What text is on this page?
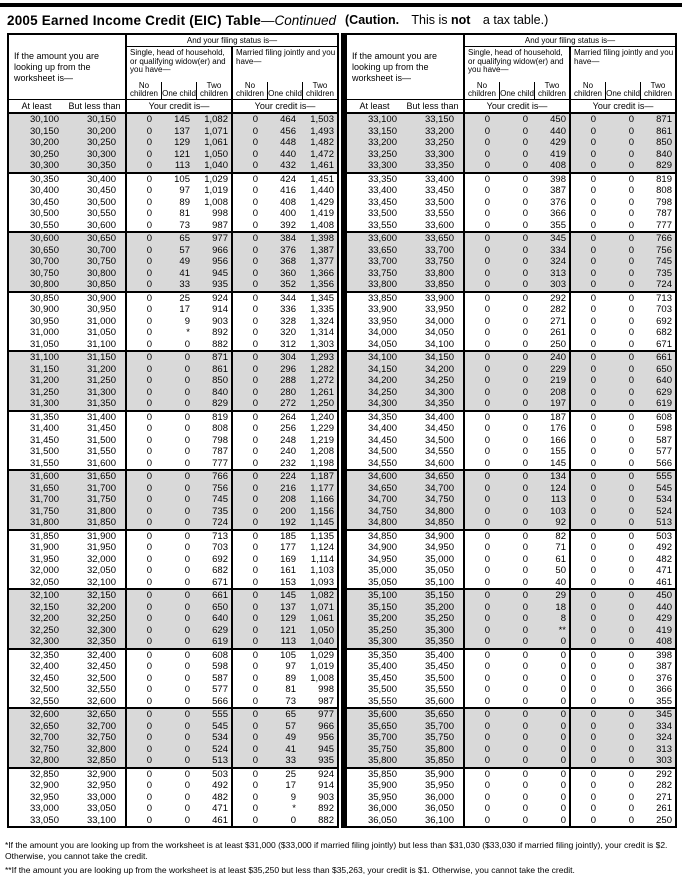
2005 Earned Income Credit (EIC) Table—Continued (Caution. This is not a tax table.)
If the amount you are looking up from the worksheet is—
And your filing status is—
Single, head of household, or qualifying widow(er) and you have—
No children One child
Two children
Married filing jointly and you have—
No children One child
Two children
At least	But less than	Your credit is—	Your credit is—
30,100	30,150	0	145	1,082	0	464	1,503
30,150	30,200	0	137	1,071	0	456	1,493
30,200	30,250	0	129	1,061	0	448	1,482
30,250	30,300	0	121	1,050	0	440	1,472
30,300	30,350	0	113	1,040	0	432	1,461
30,350	30,400	0	105	1,029	0	424	1,451
30,400	30,450	0	97	1,019	0	416	1,440
30,450	30,500	0	89	1,008	0	408	1,429
30,500	30,550	0	81	998	0	400	1,419
30,550	30,600	0	73	987	0	392	1,408
30,600	30,650	0	65	977	0	384	1,398
30,650	30,700	0	57	966	0	376	1,387
30,700	30,750	0	49	956	0	368	1,377
30,750	30,800	0	41	945	0	360	1,366
30,800	30,850	0	33	935	0	352	1,356
30,850	30,900	0	25	924	0	344	1,345
30,900	30,950	0	17	914	0	336	1,335
30,950	31,000	0	9	903	0	328	1,324
31,000	31,050	0	*	892	0	320	1,314
31,050	31,100	0	0	882	0	312	1,303
31,100	31,150	0	0	871	0	304	1,293
31,150	31,200	0	0	861	0	296	1,282
31,200	31,250	0	0	850	0	288	1,272
31,250	31,300	0	0	840	0	280	1,261
31,300	31,350	0	0	829	0	272	1,250
31,350	31,400	0	0	819	0	264	1,240
31,400	31,450	0	0	808	0	256	1,229
31,450	31,500	0	0	798	0	248	1,219
31,500	31,550	0	0	787	0	240	1,208
31,550	31,600	0	0	777	0	232	1,198
31,600	31,650	0	0	766	0	224	1,187
31,650	31,700	0	0	756	0	216	1,177
31,700	31,750	0	0	745	0	208	1,166
31,750	31,800	0	0	735	0	200	1,156
31,800	31,850	0	0	724	0	192	1,145
31,850	31,900	0	0	713	0	185	1,135
31,900	31,950	0	0	703	0	177	1,124
31,950	32,000	0	0	692	0	169	1,114
32,000	32,050	0	0	682	0	161	1,103
32,050	32,100	0	0	671	0	153	1,093
32,100	32,150	0	0	661	0	145	1,082
32,150	32,200	0	0	650	0	137	1,071
32,200	32,250	0	0	640	0	129	1,061
32,250	32,300	0	0	629	0	121	1,050
32,300	32,350	0	0	619	0	113	1,040
32,350	32,400	0	0	608	0	105	1,029
32,400	32,450	0	0	598	0	97	1,019
32,450	32,500	0	0	587	0	89	1,008
32,500	32,550	0	0	577	0	81	998
32,550	32,600	0	0	566	0	73	987
32,600	32,650	0	0	555	0	65	977
32,650	32,700	0	0	545	0	57	966
32,700	32,750	0	0	534	0	49	956
32,750	32,800	0	0	524	0	41	945
32,800	32,850	0	0	513	0	33	935
32,850	32,900	0	0	503	0	25	924
32,900	32,950	0	0	492	0	17	914
32,950	33,000	0	0	482	0	9	903
33,000	33,050	0	0	471	0	*	892
33,050	33,100	0	0	461	0	0	882
If the amount you are looking up from the worksheet is—
And your filing status is—
Single, head of household, or qualifying widow(er) and you have—
No children One child
Two children
Married filing jointly and you have—
No children One child
Two children
At least	But less than	Your credit is—	Your credit is—
33,100	33,150	0	0	450	0	0	871
33,150	33,200	0	0	440	0	0	861
33,200	33,250	0	0	429	0	0	850
33,250	33,300	0	0	419	0	0	840
33,300	33,350	0	0	408	0	0	829
33,350	33,400	0	0	398	0	0	819
33,400	33,450	0	0	387	0	0	808
33,450	33,500	0	0	376	0	0	798
33,500	33,550	0	0	366	0	0	787
33,550	33,600	0	0	355	0	0	777
33,600	33,650	0	0	345	0	0	766
33,650	33,700	0	0	334	0	0	756
33,700	33,750	0	0	324	0	0	745
33,750	33,800	0	0	313	0	0	735
33,800	33,850	0	0	303	0	0	724
33,850	33,900	0	0	292	0	0	713
33,900	33,950	0	0	282	0	0	703
33,950	34,000	0	0	271	0	0	692
34,000	34,050	0	0	261	0	0	682
34,050	34,100	0	0	250	0	0	671
34,100	34,150	0	0	240	0	0	661
34,150	34,200	0	0	229	0	0	650
34,200	34,250	0	0	219	0	0	640
34,250	34,300	0	0	208	0	0	629
34,300	34,350	0	0	197	0	0	619
34,350	34,400	0	0	187	0	0	608
34,400	34,450	0	0	176	0	0	598
34,450	34,500	0	0	166	0	0	587
34,500	34,550	0	0	155	0	0	577
34,550	34,600	0	0	145	0	0	566
34,600	34,650	0	0	134	0	0	555
34,650	34,700	0	0	124	0	0	545
34,700	34,750	0	0	113	0	0	534
34,750	34,800	0	0	103	0	0	524
34,800	34,850	0	0	92	0	0	513
34,850	34,900	0	0	82	0	0	503
34,900	34,950	0	0	71	0	0	492
34,950	35,000	0	0	61	0	0	482
35,000	35,050	0	0	50	0	0	471
35,050	35,100	0	0	40	0	0	461
35,100	35,150	0	0	29	0	0	450
35,150	35,200	0	0	18	0	0	440
35,200	35,250	0	0	8	0	0	429
35,250	35,300	0	0	**	0	0	419
35,300	35,350	0	0	0	0	0	408
35,350	35,400	0	0	0	0	0	398
35,400	35,450	0	0	0	0	0	387
35,450	35,500	0	0	0	0	0	376
35,500	35,550	0	0	0	0	0	366
35,550	35,600	0	0	0	0	0	355
35,600	35,650	0	0	0	0	0	345
35,650	35,700	0	0	0	0	0	334
35,700	35,750	0	0	0	0	0	324
35,750	35,800	0	0	0	0	0	313
35,800	35,850	0	0	0	0	0	303
35,850	35,900	0	0	0	0	0	292
35,900	35,950	0	0	0	0	0	282
35,950	36,000	0	0	0	0	0	271
36,000	36,050	0	0	0	0	0	261
36,050	36,100	0	0	0	0	0	250

*If the amount you are looking up from the worksheet is at least $31,000 ($33,000 if married filing jointly) but less than $31,030 ($33,030 if married filing jointly), your credit is $2. Otherwise, you cannot take the credit.

**If the amount you are looking up from the worksheet is at least $35,250 but less than $35,263, your credit is $1. Otherwise, you cannot take the credit.
